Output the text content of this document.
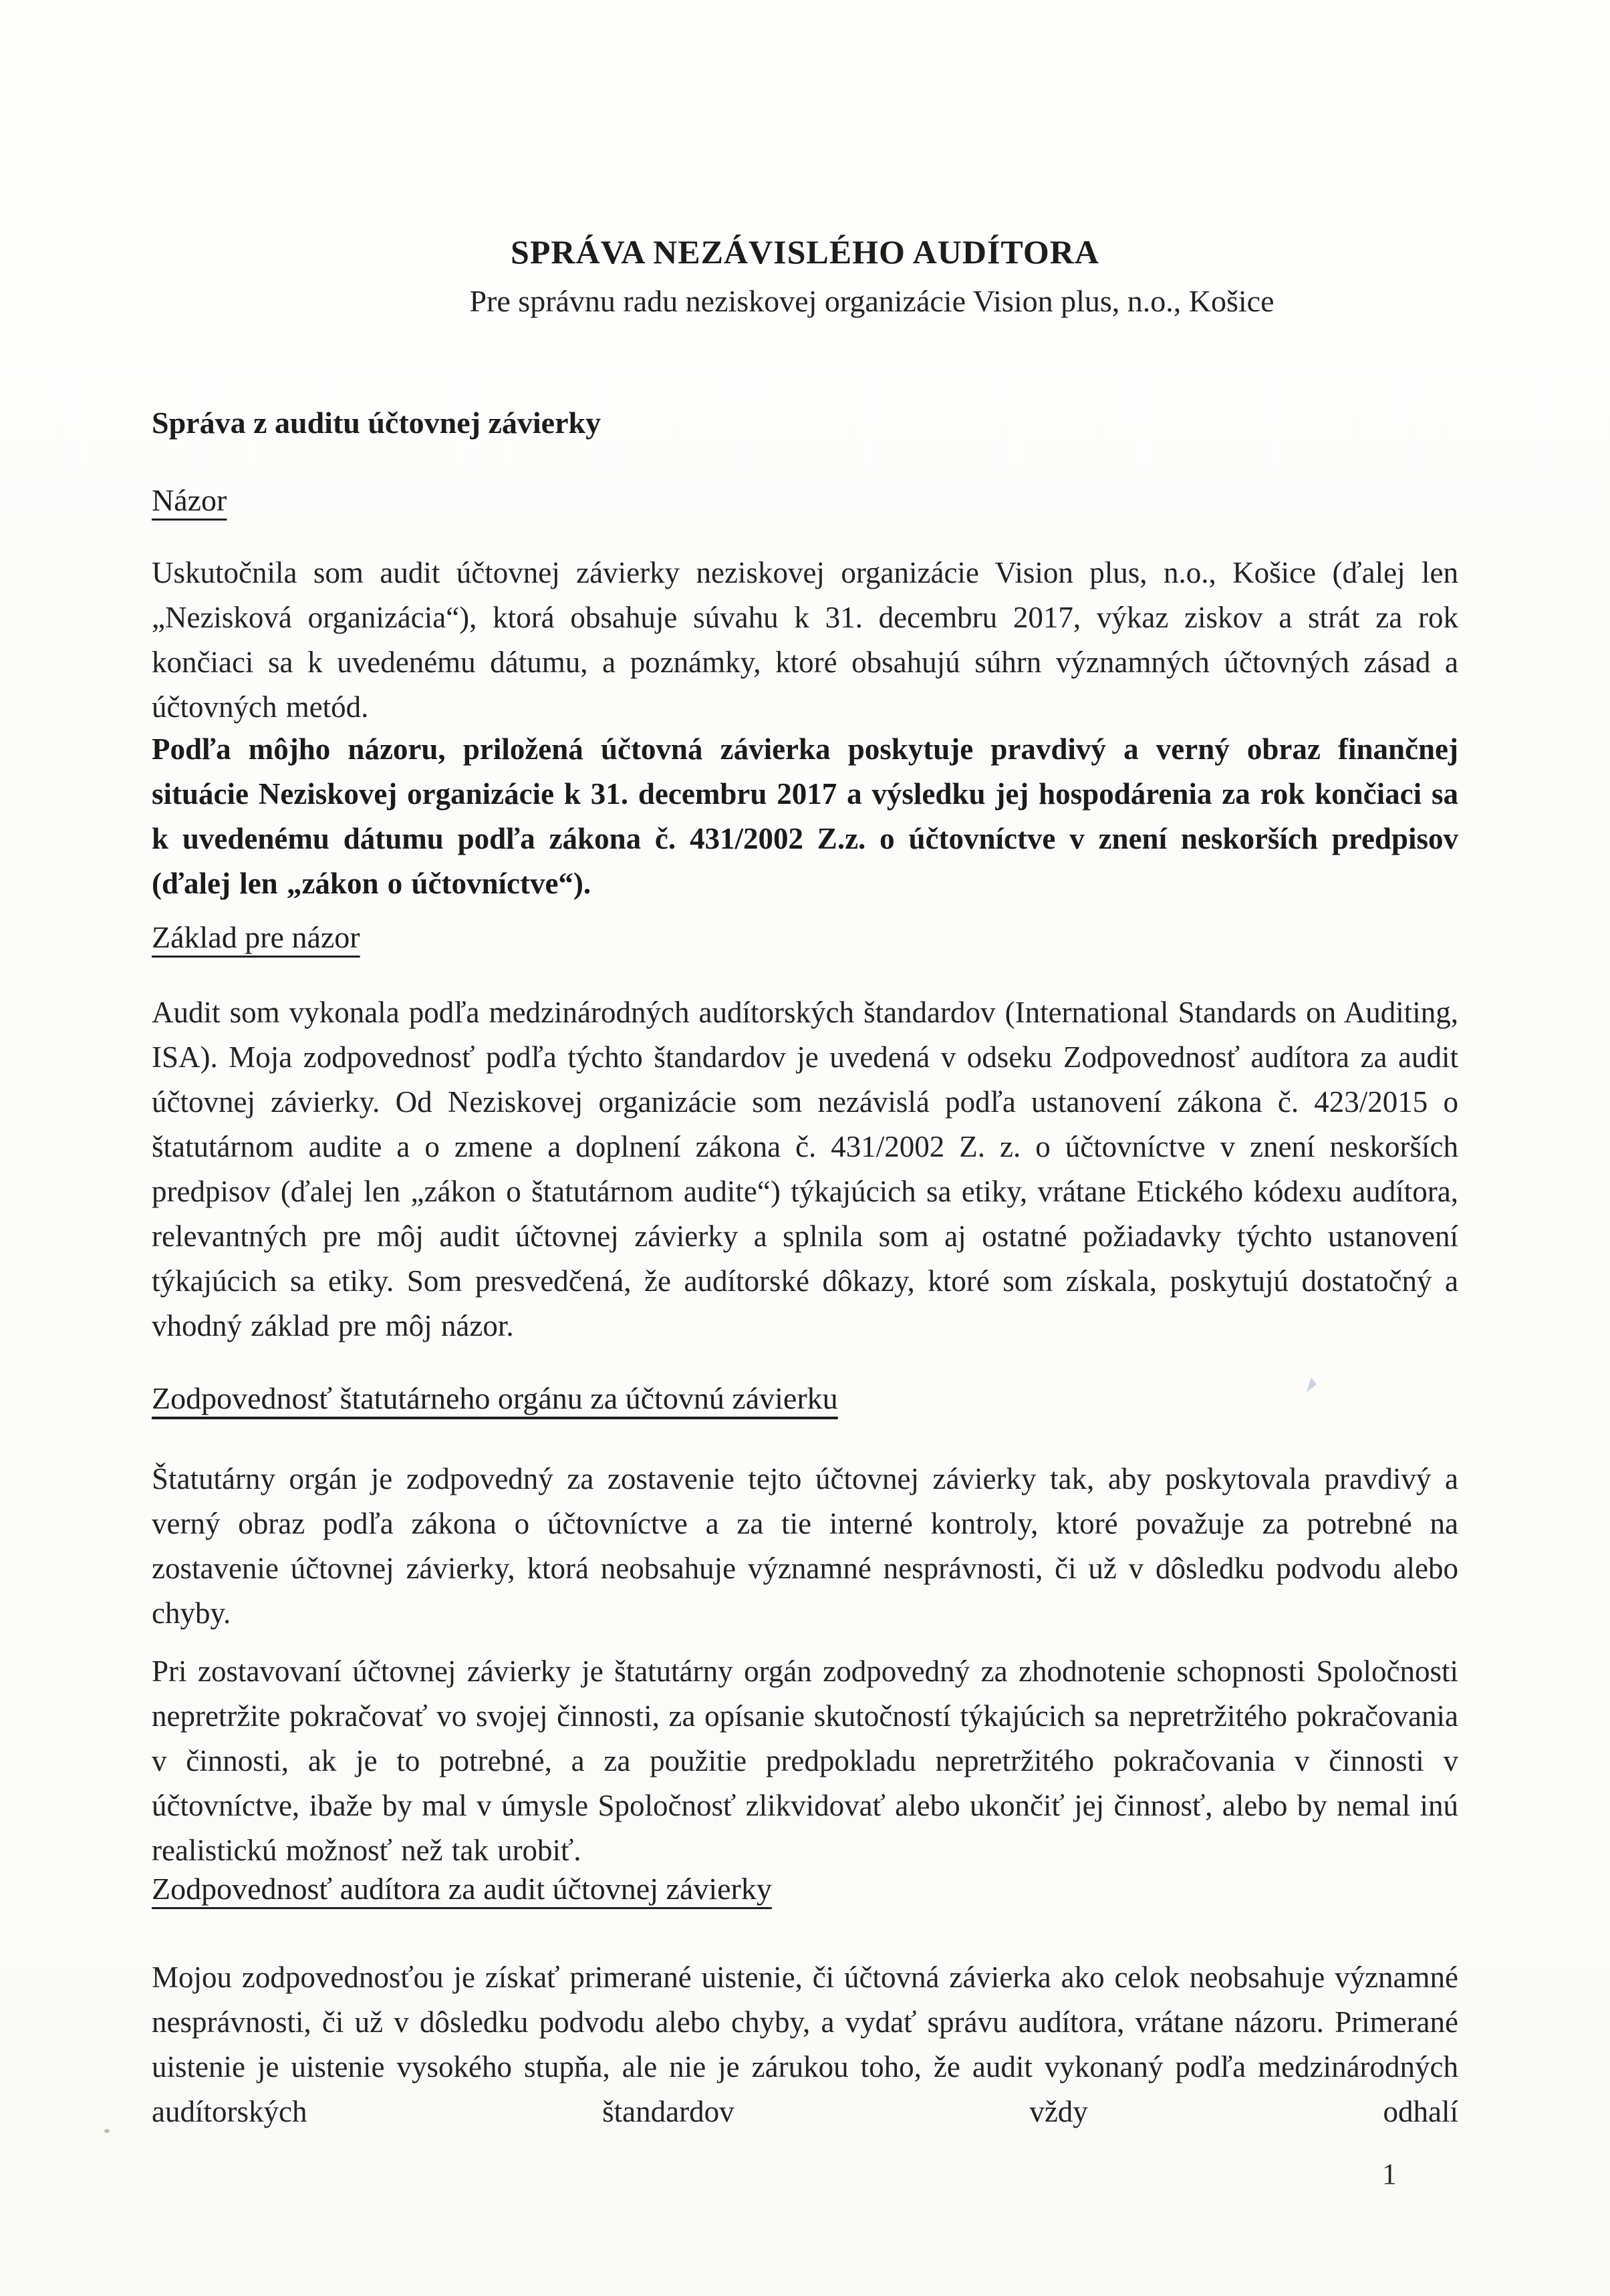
SPRÁVA NEZÁVISLÉHO AUDÍTORA
Pre správnu radu neziskovej organizácie Vision plus, n.o., Košice
Správa z auditu účtovnej závierky
Názor

Uskutočnila som audit účtovnej závierky neziskovej organizácie Vision plus, n.o., Košice (ďalej len „Nezisková organizácia“), ktorá obsahuje súvahu k 31. decembru 2017, výkaz ziskov a strát za rok končiaci sa k uvedenému dátumu, a poznámky, ktoré obsahujú súhrn významných účtovných zásad a účtovných metód.

Podľa môjho názoru, priložená účtovná závierka poskytuje pravdivý a verný obraz finančnej situácie Neziskovej organizácie k 31. decembru 2017 a výsledku jej hospodárenia za rok končiaci sa k uvedenému dátumu podľa zákona č. 431/2002 Z.z. o účtovníctve v znení neskorších predpisov (ďalej len „zákon o účtovníctve“).

Základ pre názor

Audit som vykonala podľa medzinárodných audítorských štandardov (International Standards on Auditing, ISA). Moja zodpovednosť podľa týchto štandardov je uvedená v odseku Zodpovednosť audítora za audit účtovnej závierky. Od Neziskovej organizácie som nezávislá podľa ustanovení zákona č. 423/2015 o štatutárnom audite a o zmene a doplnení zákona č. 431/2002 Z. z. o účtovníctve v znení neskorších predpisov (ďalej len „zákon o štatutárnom audite“) týkajúcich sa etiky, vrátane Etického kódexu audítora, relevantných pre môj audit účtovnej závierky a splnila som aj ostatné požiadavky týchto ustanovení týkajúcich sa etiky. Som presvedčená, že audítorské dôkazy, ktoré som získala, poskytujú dostatočný a vhodný základ pre môj názor.

Zodpovednosť štatutárneho orgánu za účtovnú závierku

Štatutárny orgán je zodpovedný za zostavenie tejto účtovnej závierky tak, aby poskytovala pravdivý a verný obraz podľa zákona o účtovníctve a za tie interné kontroly, ktoré považuje za potrebné na zostavenie účtovnej závierky, ktorá neobsahuje významné nesprávnosti, či už v dôsledku podvodu alebo chyby.

Pri zostavovaní účtovnej závierky je štatutárny orgán zodpovedný za zhodnotenie schopnosti Spoločnosti nepretržite pokračovať vo svojej činnosti, za opísanie skutočností týkajúcich sa nepretržitého pokračovania v činnosti, ak je to potrebné, a za použitie predpokladu nepretržitého pokračovania v činnosti v účtovníctve, ibaže by mal v úmysle Spoločnosť zlikvidovať alebo ukončiť jej činnosť, alebo by nemal inú realistickú možnosť než tak urobiť.

Zodpovednosť audítora za audit účtovnej závierky

Mojou zodpovednosťou je získať primerané uistenie, či účtovná závierka ako celok neobsahuje významné nesprávnosti, či už v dôsledku podvodu alebo chyby, a vydať správu audítora, vrátane názoru. Primerané uistenie je uistenie vysokého stupňa, ale nie je zárukou toho, že audit vykonaný podľa medzinárodných audítorských štandardov vždy odhalí

1
